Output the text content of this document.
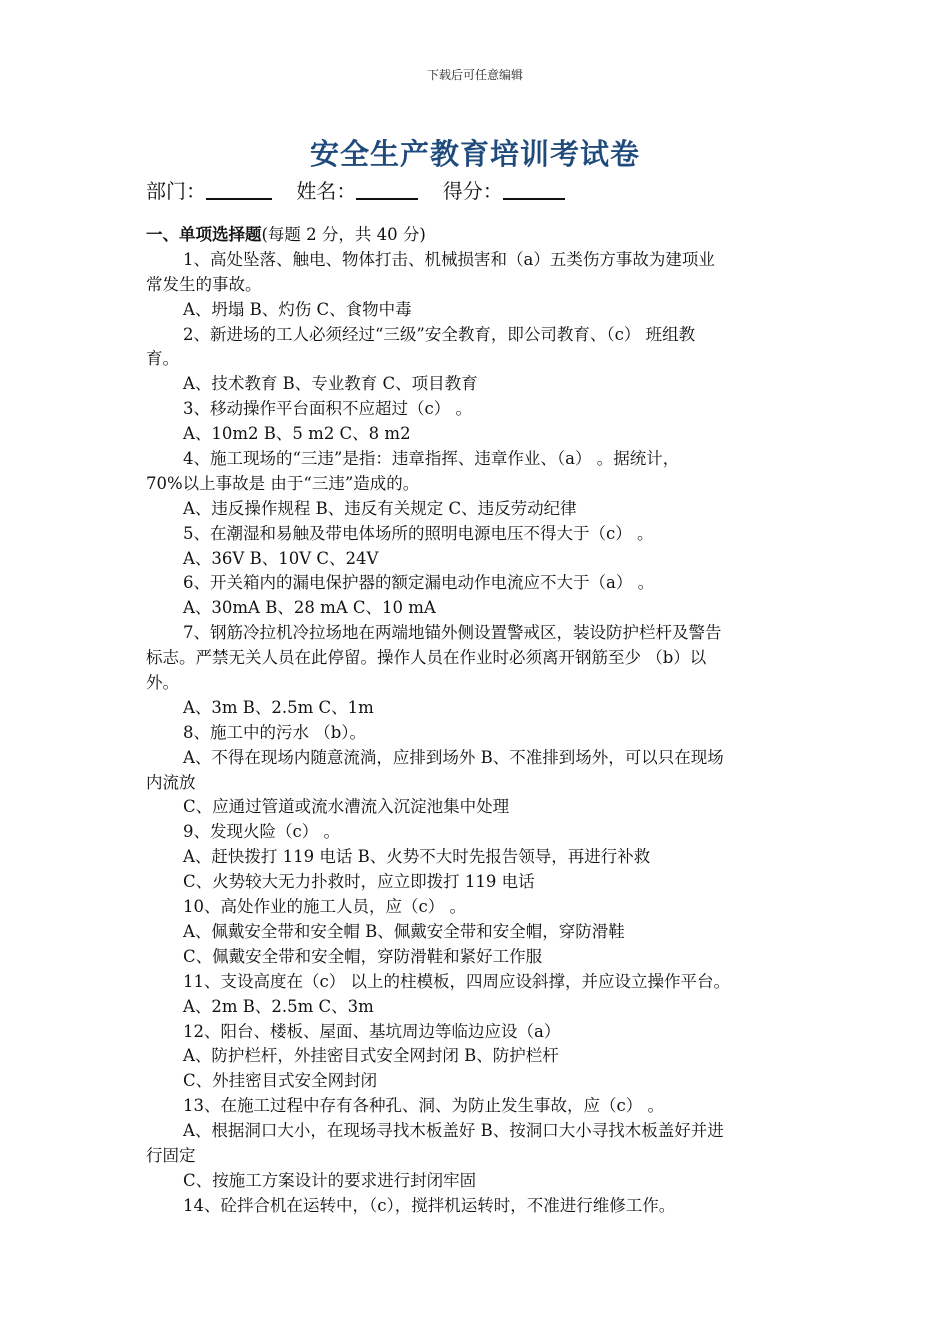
下载后可任意编辑
安全生产教育培训考试卷
部门：	姓名：	得分：
一、单项选择题(每题 2 分，共 40 分)
1、高处坠落、触电、物体打击、机械损害和（a）五类伤方事故为建项业
常发生的事故。
A、坍塌 B、灼伤 C、食物中毒
2、新进场的工人必须经过“三级”安全教育，即公司教育、（c） 班组教
育。
A、技术教育 B、专业教育 C、项目教育
3、移动操作平台面积不应超过（c） 。
A、10m2 B、5 m2 C、8 m2
4、施工现场的“三违”是指：违章指挥、违章作业、（a） 。据统计，
70%以上事故是 由于“三违”造成的。
A、违反操作规程 B、违反有关规定 C、违反劳动纪律
5、在潮湿和易触及带电体场所的照明电源电压不得大于（c） 。
A、36V B、10V C、24V
6、开关箱内的漏电保护器的额定漏电动作电流应不大于（a） 。
A、30mA B、28 mA C、10 mA
7、钢筋冷拉机冷拉场地在两端地锚外侧设置警戒区，装设防护栏杆及警告
标志。严禁无关人员在此停留。操作人员在作业时必须离开钢筋至少 （b）以
外。
A、3m B、2.5m C、1m
8、施工中的污水 （b）。
A、不得在现场内随意流淌，应排到场外 B、不准排到场外，可以只在现场
内流放
C、应通过管道或流水漕流入沉淀池集中处理
9、发现火险（c） 。
A、赶快拨打 119 电话 B、火势不大时先报告领导，再进行补救
C、火势较大无力扑救时，应立即拨打 119 电话
10、高处作业的施工人员，应（c） 。
A、佩戴安全带和安全帽 B、佩戴安全带和安全帽，穿防滑鞋
C、佩戴安全带和安全帽，穿防滑鞋和紧好工作服
11、支设高度在（c） 以上的柱模板，四周应设斜撑，并应设立操作平台。
A、2m B、2.5m C、3m
12、阳台、楼板、屋面、基坑周边等临边应设（a）
A、防护栏杆，外挂密目式安全网封闭 B、防护栏杆
C、外挂密目式安全网封闭
13、在施工过程中存有各种孔、洞、为防止发生事故，应（c） 。
A、根据洞口大小，在现场寻找木板盖好 B、按洞口大小寻找木板盖好并进
行固定
C、按施工方案设计的要求进行封闭牢固
14、砼拌合机在运转中，（c），搅拌机运转时，不准进行维修工作。
